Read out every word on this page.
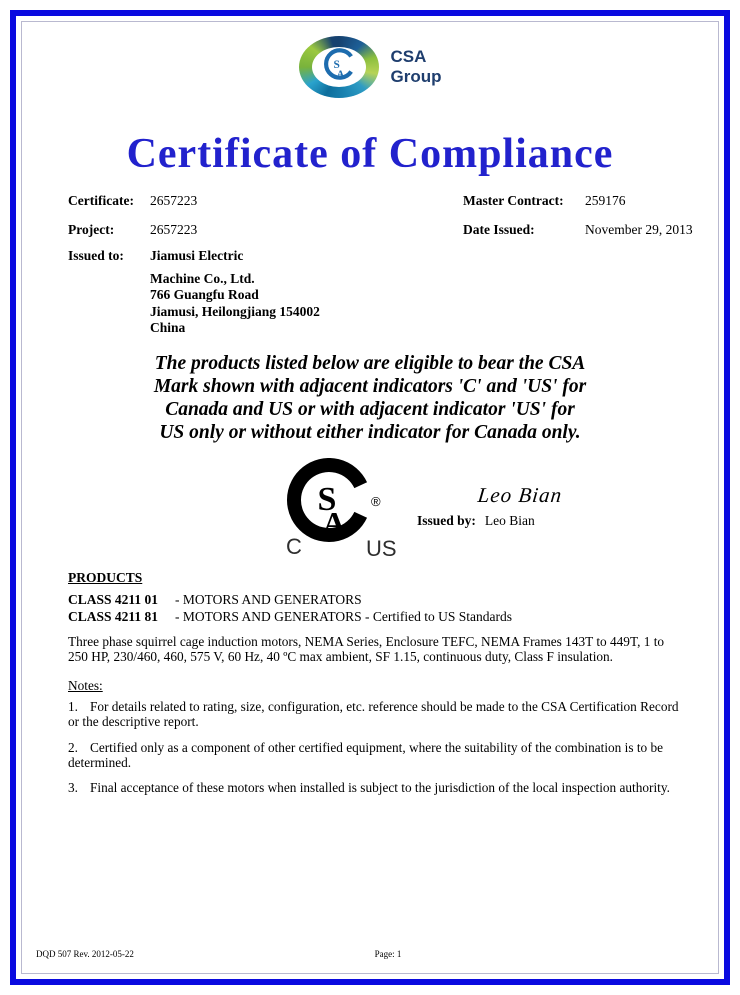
S
A
CSA
Group
Certificate of Compliance
Certificate: 2657223	Master Contract: 259176
Project:	2657223	Date Issued:	November 29, 2013
Issued to: Jiamusi Electric
Machine Co., Ltd.
766 Guangfu Road
Jiamusi, Heilongjiang 154002
China
The products listed below are eligible to bear the CSA
Mark shown with adjacent indicators 'C' and 'US' for
Canada and US or with adjacent indicator 'US' for
US only or without either indicator for Canada only.
S
A
®
C	US
Leo Bian
Issued by: Leo Bian
PRODUCTS
CLASS 4211 01 - MOTORS AND GENERATORS
CLASS 4211 81 - MOTORS AND GENERATORS - Certified to US Standards
Three phase squirrel cage induction motors, NEMA Series, Enclosure TEFC, NEMA Frames 143T to 449T, 1 to 250 HP, 230/460, 460, 575 V, 60 Hz, 40 ºC max ambient, SF 1.15, continuous duty, Class F insulation.
Notes:
1. For details related to rating, size, configuration, etc. reference should be made to the CSA Certification Record or the descriptive report.
2. Certified only as a component of other certified equipment, where the suitability of the combination is to be determined.
3. Final acceptance of these motors when installed is subject to the jurisdiction of the local inspection authority.
DQD 507 Rev. 2012-05-22	Page: 1
